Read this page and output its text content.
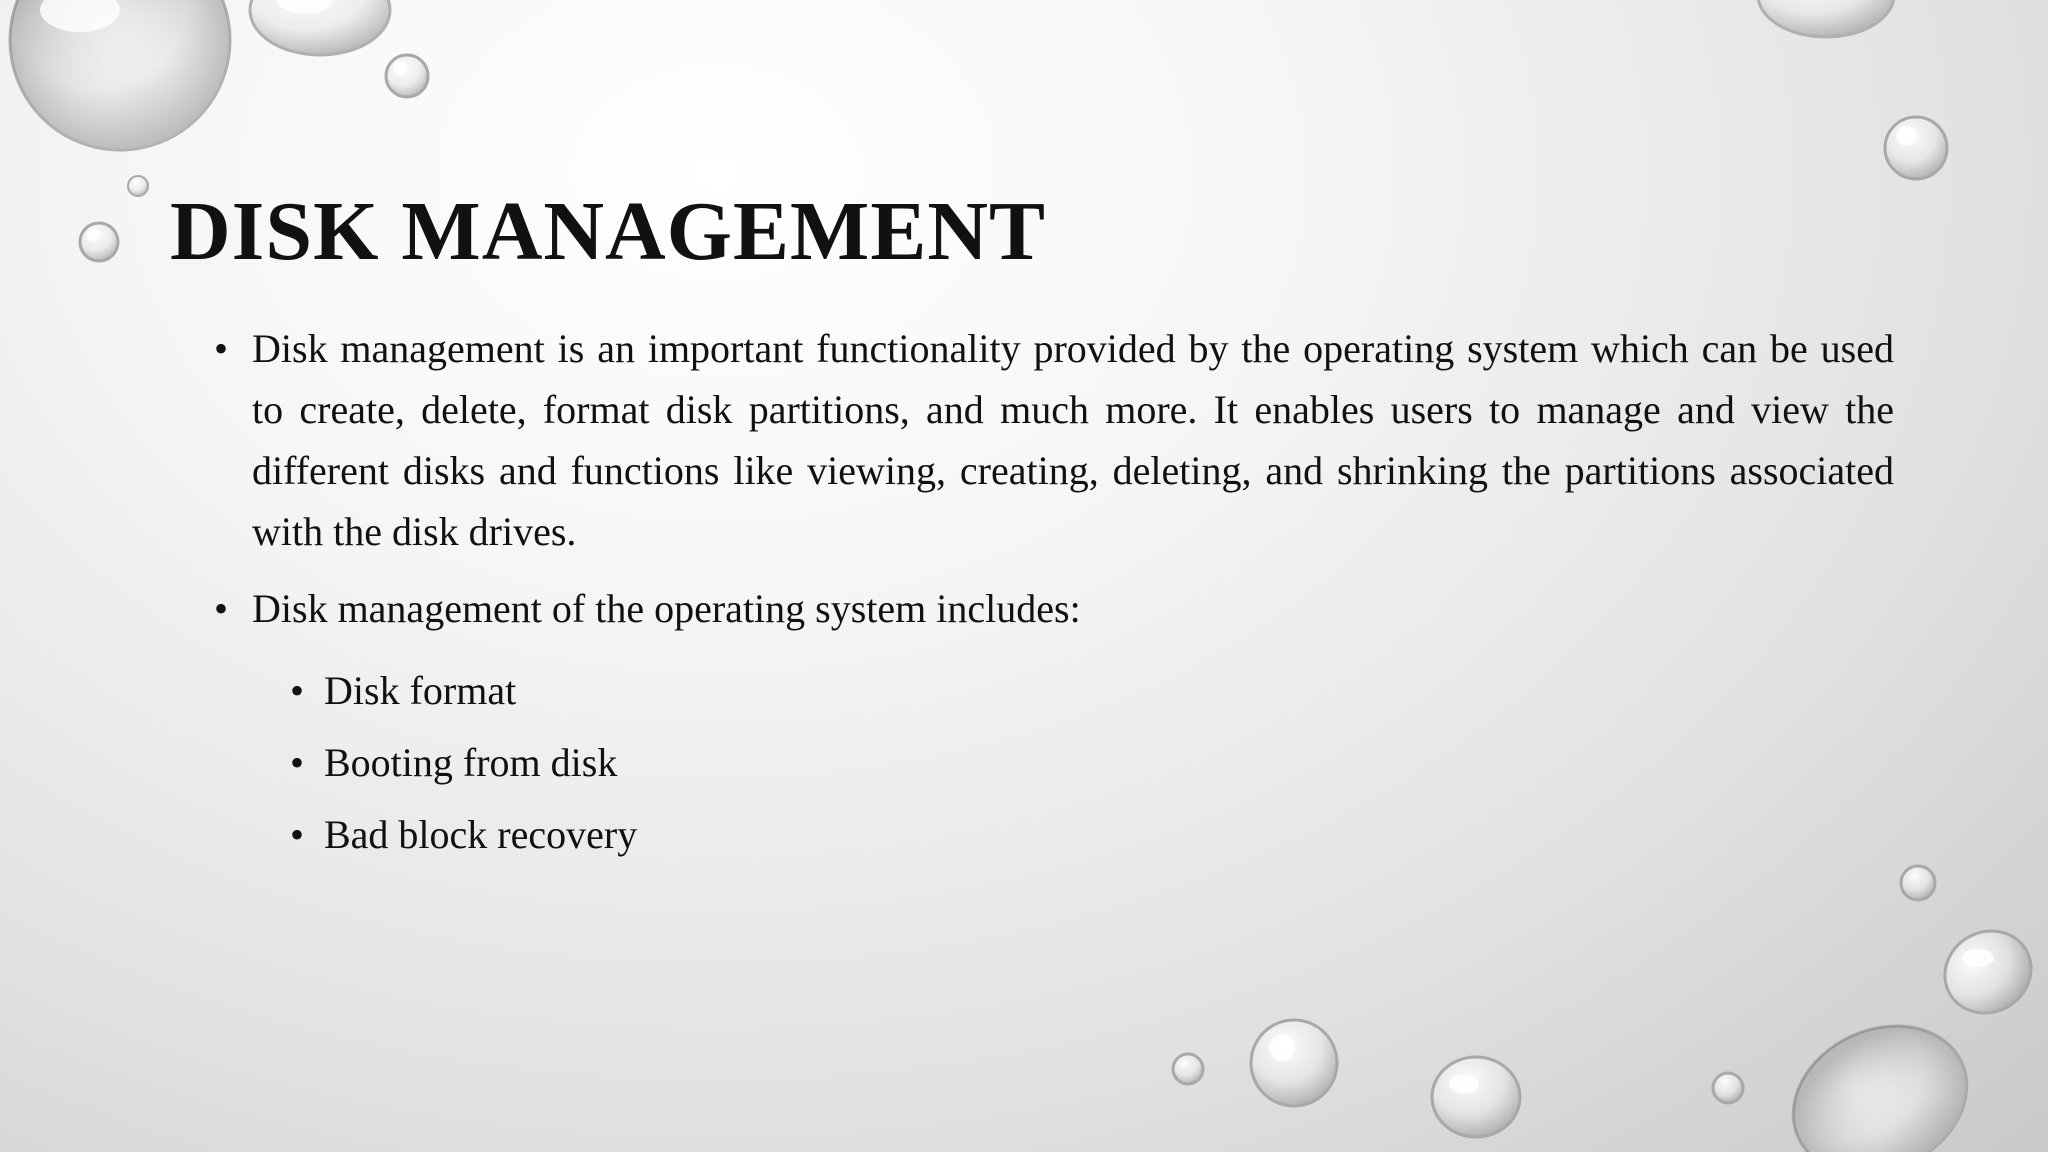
DISK MANAGEMENT
• Disk management is an important functionality provided by the operating system which can be used to create, delete, format disk partitions, and much more. It enables users to manage and view the different disks and functions like viewing, creating, deleting, and shrinking the partitions associated with the disk drives.
• Disk management of the operating system includes:
• Disk format
• Booting from disk
• Bad block recovery
